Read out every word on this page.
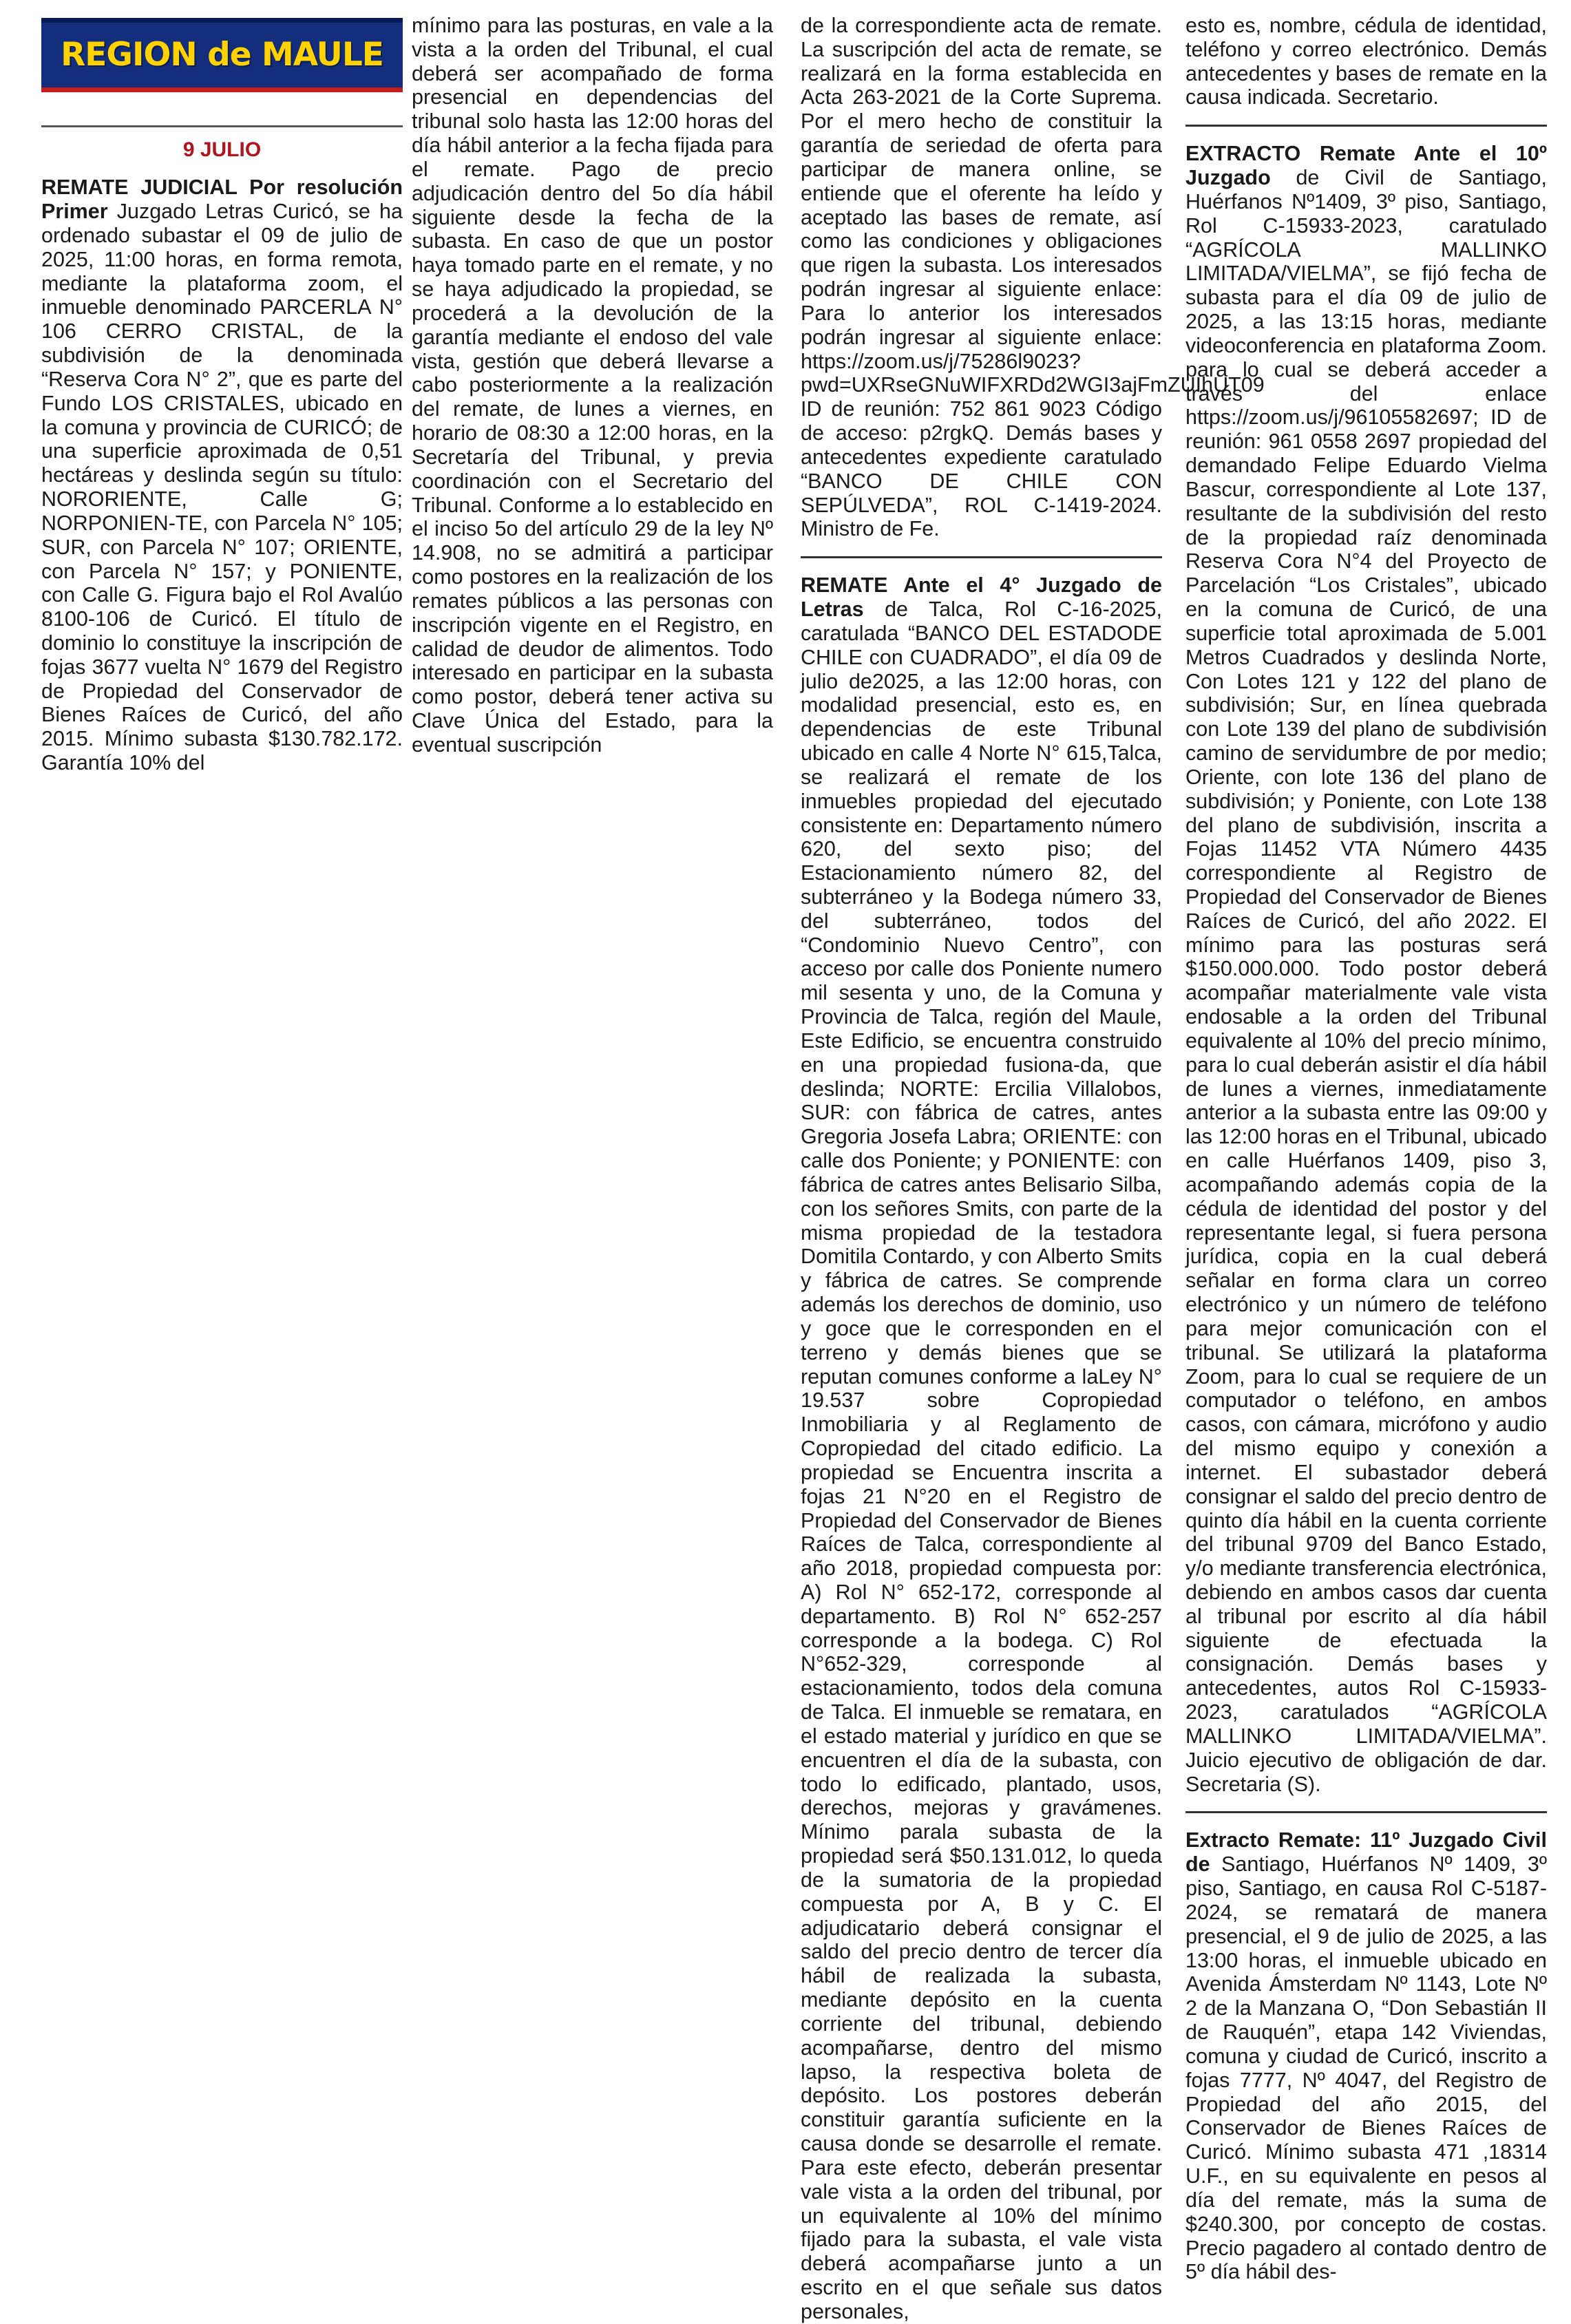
REGION de MAULE
9 JULIO

REMATE JUDICIAL Por resolución Primer Juzgado Letras Curicó, se ha ordenado subastar el 09 de julio de 2025, 11:00 horas, en forma remota, mediante la plataforma zoom, el inmueble denominado PARCERLA N° 106 CERRO CRISTAL, de la subdivisión de la denominada “Reserva Cora N° 2”, que es parte del Fundo LOS CRISTALES, ubicado en la comuna y provincia de CURICÓ; de una superficie aproximada de 0,51 hectáreas y deslinda según su título: NORORIENTE, Calle G; NORPONIEN-TE, con Parcela N° 105; SUR, con Parcela N° 107; ORIENTE, con Parcela N° 157; y PONIENTE, con Calle G. Figura bajo el Rol Avalúo 8100-106 de Curicó. El título de dominio lo constituye la inscripción de fojas 3677 vuelta N° 1679 del Registro de Propiedad del Conservador de Bienes Raíces de Curicó, del año 2015. Mínimo subasta $130.782.172. Garantía 10% del

mínimo para las posturas, en vale a la vista a la orden del Tribunal, el cual deberá ser acompañado de forma presencial en dependencias del tribunal solo hasta las 12:00 horas del día hábil anterior a la fecha fijada para el remate. Pago de precio adjudicación dentro del 5o día hábil siguiente desde la fecha de la subasta. En caso de que un postor haya tomado parte en el remate, y no se haya adjudicado la propiedad, se procederá a la devolución de la garantía mediante el endoso del vale vista, gestión que deberá llevarse a cabo posteriormente a la realización del remate, de lunes a viernes, en horario de 08:30 a 12:00 horas, en la Secretaría del Tribunal, y previa coordinación con el Secretario del Tribunal. Conforme a lo establecido en el inciso 5o del artículo 29 de la ley Nº 14.908, no se admitirá a participar como postores en la realización de los remates públicos a las personas con inscripción vigente en el Registro, en calidad de deudor de alimentos. Todo interesado en participar en la subasta como postor, deberá tener activa su Clave Única del Estado, para la eventual suscripción

de la correspondiente acta de remate. La suscripción del acta de remate, se realizará en la forma establecida en Acta 263-2021 de la Corte Suprema. Por el mero hecho de constituir la garantía de seriedad de oferta para participar de manera online, se entiende que el oferente ha leído y aceptado las bases de remate, así como las condiciones y obligaciones que rigen la subasta. Los interesados podrán ingresar al siguiente enlace: Para lo anterior los interesados podrán ingresar al siguiente enlace: https://zoom.us/j/75286l9023?pwd=UXRseGNuWIFXRDd2WGI3ajFmZUIhUT09 ID de reunión: 752 861 9023 Código de acceso: p2rgkQ. Demás bases y antecedentes expediente caratulado “BANCO DE CHILE CON SEPÚLVEDA”, ROL C-1419-2024. Ministro de Fe.

REMATE Ante el 4° Juzgado de Letras de Talca, Rol C-16-2025, caratulada “BANCO DEL ESTADODE CHILE con CUADRADO”, el día 09 de julio de2025, a las 12:00 horas, con modalidad presencial, esto es, en dependencias de este Tribunal ubicado en calle 4 Norte N° 615,Talca, se realizará el remate de los inmuebles propiedad del ejecutado consistente en: Departamento número 620, del sexto piso; del Estacionamiento número 82, del subterráneo y la Bodega número 33, del subterráneo, todos del “Condominio Nuevo Centro”, con acceso por calle dos Poniente numero mil sesenta y uno, de la Comuna y Provincia de Talca, región del Maule, Este Edificio, se encuentra construido en una propiedad fusiona-da, que deslinda; NORTE: Ercilia Villalobos, SUR: con fábrica de catres, antes Gregoria Josefa Labra; ORIENTE: con calle dos Poniente; y PONIENTE: con fábrica de catres antes Belisario Silba, con los señores Smits, con parte de la misma propiedad de la testadora Domitila Contardo, y con Alberto Smits y fábrica de catres. Se comprende además los derechos de dominio, uso y goce que le corresponden en el terreno y demás bienes que se reputan comunes conforme a laLey N° 19.537 sobre Copropiedad Inmobiliaria y al Reglamento de Copropiedad del citado edificio. La propiedad se Encuentra inscrita a fojas 21 N°20 en el Registro de Propiedad del Conservador de Bienes Raíces de Talca, correspondiente al año 2018, propiedad compuesta por: A) Rol N° 652-172, corresponde al departamento. B) Rol N° 652-257 corresponde a la bodega. C) Rol N°652-329, corresponde al estacionamiento, todos dela comuna de Talca. El inmueble se rematara, en el estado material y jurídico en que se encuentren el día de la subasta, con todo lo edificado, plantado, usos, derechos, mejoras y gravámenes. Mínimo parala subasta de la propiedad será $50.131.012, lo queda de la sumatoria de la propiedad compuesta por A, B y C. El adjudicatario deberá consignar el saldo del precio dentro de tercer día hábil de realizada la subasta, mediante depósito en la cuenta corriente del tribunal, debiendo acompañarse, dentro del mismo lapso, la respectiva boleta de depósito. Los postores deberán constituir garantía suficiente en la causa donde se desarrolle el remate. Para este efecto, deberán presentar vale vista a la orden del tribunal, por un equivalente al 10% del mínimo fijado para la subasta, el vale vista deberá acompañarse junto a un escrito en el que señale sus datos personales,

esto es, nombre, cédula de identidad, teléfono y correo electrónico. Demás antecedentes y bases de remate en la causa indicada. Secretario.

EXTRACTO Remate Ante el 10º Juzgado de Civil de Santiago, Huérfanos Nº1409, 3º piso, Santiago, Rol C-15933-2023, caratulado “AGRÍCOLA MALLINKO LIMITADA/VIELMA”, se fijó fecha de subasta para el día 09 de julio de 2025, a las 13:15 horas, mediante videoconferencia en plataforma Zoom. para lo cual se deberá acceder a través del enlace https://zoom.us/j/96105582697; ID de reunión: 961 0558 2697 propiedad del demandado Felipe Eduardo Vielma Bascur, correspondiente al Lote 137, resultante de la subdivisión del resto de la propiedad raíz denominada Reserva Cora N°4 del Proyecto de Parcelación “Los Cristales”, ubicado en la comuna de Curicó, de una superficie total aproximada de 5.001 Metros Cuadrados y deslinda Norte, Con Lotes 121 y 122 del plano de subdivisión; Sur, en línea quebrada con Lote 139 del plano de subdivisión camino de servidumbre de por medio; Oriente, con lote 136 del plano de subdivisión; y Poniente, con Lote 138 del plano de subdivisión, inscrita a Fojas 11452 VTA Número 4435 correspondiente al Registro de Propiedad del Conservador de Bienes Raíces de Curicó, del año 2022. El mínimo para las posturas será $150.000.000. Todo postor deberá acompañar materialmente vale vista endosable a la orden del Tribunal equivalente al 10% del precio mínimo, para lo cual deberán asistir el día hábil de lunes a viernes, inmediatamente anterior a la subasta entre las 09:00 y las 12:00 horas en el Tribunal, ubicado en calle Huérfanos 1409, piso 3, acompañando además copia de la cédula de identidad del postor y del representante legal, si fuera persona jurídica, copia en la cual deberá señalar en forma clara un correo electrónico y un número de teléfono para mejor comunicación con el tribunal. Se utilizará la plataforma Zoom, para lo cual se requiere de un computador o teléfono, en ambos casos, con cámara, micrófono y audio del mismo equipo y conexión a internet. El subastador deberá consignar el saldo del precio dentro de quinto día hábil en la cuenta corriente del tribunal 9709 del Banco Estado, y/o mediante transferencia electrónica, debiendo en ambos casos dar cuenta al tribunal por escrito al día hábil siguiente de efectuada la consignación. Demás bases y antecedentes, autos Rol C-15933-2023, caratulados “AGRÍCOLA MALLINKO LIMITADA/VIELMA”. Juicio ejecutivo de obligación de dar. Secretaria (S).

Extracto Remate: 11º Juzgado Civil de Santiago, Huérfanos Nº 1409, 3º piso, Santiago, en causa Rol C-5187-2024, se rematará de manera presencial, el 9 de julio de 2025, a las 13:00 horas, el inmueble ubicado en Avenida Ámsterdam Nº 1143, Lote Nº 2 de la Manzana O, “Don Sebastián II de Rauquén”, etapa 142 Viviendas, comuna y ciudad de Curicó, inscrito a fojas 7777, Nº 4047, del Registro de Propiedad del año 2015, del Conservador de Bienes Raíces de Curicó. Mínimo subasta 471 ,18314 U.F., en su equivalente en pesos al día del remate, más la suma de $240.300, por concepto de costas. Precio pagadero al contado dentro de 5º día hábil des-
